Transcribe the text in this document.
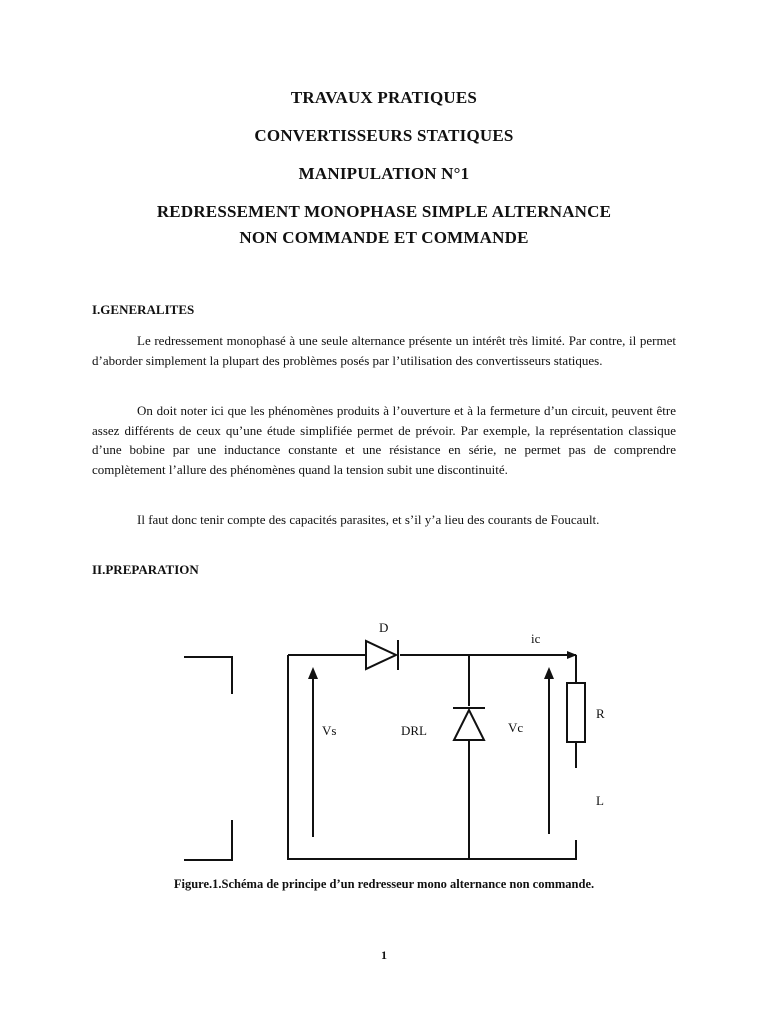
TRAVAUX PRATIQUES
CONVERTISSEURS STATIQUES
MANIPULATION N°1
REDRESSEMENT MONOPHASE SIMPLE ALTERNANCE
NON COMMANDE ET COMMANDE
I.GENERALITES

Le redressement monophasé à une seule alternance présente un intérêt très limité. Par contre, il permet d’aborder simplement la plupart des problèmes posés par l’utilisation des convertisseurs statiques.

On doit noter ici que les phénomènes produits à l’ouverture et à la fermeture d’un circuit, peuvent être assez différents de ceux qu’une étude simplifiée permet de prévoir. Par exemple, la représentation classique d’une bobine par une inductance constante et une résistance en série, ne permet pas de comprendre complètement l’allure des phénomènes quand la tension subit une discontinuité.

Il faut donc tenir compte des capacités parasites, et s’il y’a lieu des courants de Foucault.

II.PREPARATION
D
ic
R
Vs	DRL	Vc
L
Figure.1.Schéma de principe d’un redresseur mono alternance non commande.
1
